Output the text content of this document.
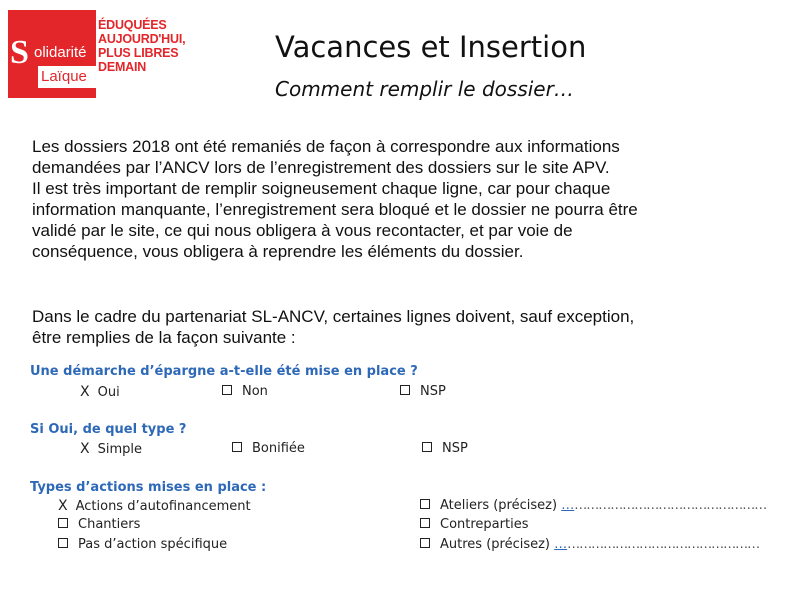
S olidarité
Laïque
ÉDUQUÉES
AUJOURD'HUI,
PLUS LIBRES
DEMAIN
Vacances et Insertion
Comment remplir le dossier…
Les dossiers 2018 ont été remaniés de façon à correspondre aux informations
demandées par l’ANCV lors de l’enregistrement des dossiers sur le site APV.
Il est très important de remplir soigneusement chaque ligne, car pour chaque
information manquante, l’enregistrement sera bloqué et le dossier ne pourra être
validé par le site, ce qui nous obligera à vous recontacter, et par voie de
conséquence, vous obligera à reprendre les éléments du dossier.
Dans le cadre du partenariat SL-ANCV, certaines lignes doivent, sauf exception,
être remplies de la façon suivante :
Une démarche d’épargne a-t-elle été mise en place ?
X Oui	Non	NSP
Si Oui, de quel type ?
X Simple	Bonifiée	NSP
Types d’actions mises en place :
X Actions d’autofinancement
Chantiers
Pas d’action spécifique
Ateliers (précisez) ……………………………………………
Contreparties
Autres (précisez) ……………………………………………
